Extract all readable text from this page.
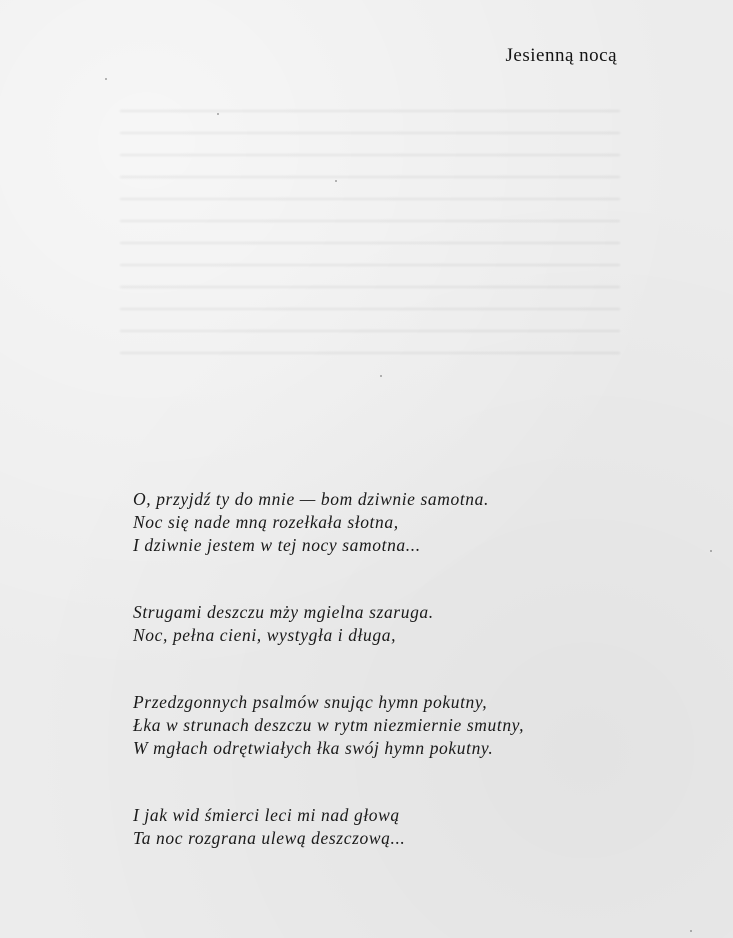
Jesienną nocą
O, przyjdź ty do mnie — bom dziwnie samotna.
Noc się nade mną rozełkała słotna,
I dziwnie jestem w tej nocy samotna...
Strugami deszczu mży mgielna szaruga.
Noc, pełna cieni, wystygła i długa,
Przedzgonnych psalmów snując hymn pokutny,
Łka w strunach deszczu w rytm niezmiernie smutny,
W mgłach odrętwiałych łka swój hymn pokutny.
I jak wid śmierci leci mi nad głową
Ta noc rozgrana ulewą deszczową...
